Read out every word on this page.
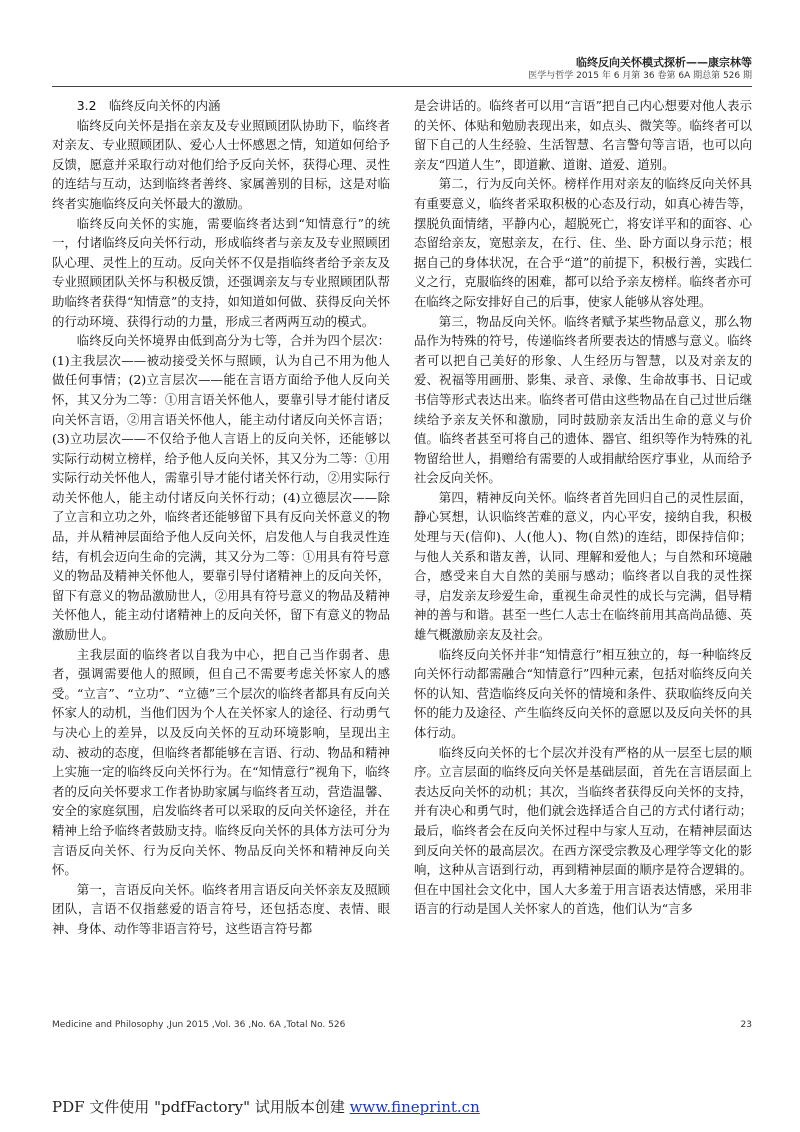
临终反向关怀模式探析——康宗林等
医学与哲学 2015 年 6 月第 36 卷第 6A 期总第 526 期

3.2　临终反向关怀的内涵

临终反向关怀是指在亲友及专业照顾团队协助下，临终者对亲友、专业照顾团队、爱心人士怀感恩之情，知道如何给予反馈，愿意并采取行动对他们给予反向关怀，获得心理、灵性的连结与互动，达到临终者善终、家属善别的目标，这是对临终者实施临终反向关怀最大的激励。

临终反向关怀的实施，需要临终者达到“知情意行”的统一，付诸临终反向关怀行动，形成临终者与亲友及专业照顾团队心理、灵性上的互动。反向关怀不仅是指临终者给予亲友及专业照顾团队关怀与积极反馈，还强调亲友与专业照顾团队帮助临终者获得“知情意”的支持，如知道如何做、获得反向关怀的行动环境、获得行动的力量，形成三者两两互动的模式。

临终反向关怀境界由低到高分为七等，合并为四个层次：(1)主我层次——被动接受关怀与照顾，认为自己不用为他人做任何事情；(2)立言层次——能在言语方面给予他人反向关怀，其又分为二等：①用言语关怀他人，要靠引导才能付诸反向关怀言语，②用言语关怀他人，能主动付诸反向关怀言语；(3)立功层次——不仅给予他人言语上的反向关怀，还能够以实际行动树立榜样，给予他人反向关怀，其又分为二等：①用实际行动关怀他人，需靠引导才能付诸关怀行动，②用实际行动关怀他人，能主动付诸反向关怀行动；(4)立德层次——除了立言和立功之外，临终者还能够留下具有反向关怀意义的物品，并从精神层面给予他人反向关怀，启发他人与自我灵性连结，有机会迈向生命的完满，其又分为二等：①用具有符号意义的物品及精神关怀他人，要靠引导付诸精神上的反向关怀，留下有意义的物品激励世人，②用具有符号意义的物品及精神关怀他人，能主动付诸精神上的反向关怀，留下有意义的物品激励世人。

主我层面的临终者以自我为中心，把自己当作弱者、患者，强调需要他人的照顾，但自己不需要考虑关怀家人的感受。“立言”、“立功”、“立德”三个层次的临终者都具有反向关怀家人的动机，当他们因为个人在关怀家人的途径、行动勇气与决心上的差异，以及反向关怀的互动环境影响，呈现出主动、被动的态度，但临终者都能够在言语、行动、物品和精神上实施一定的临终反向关怀行为。在“知情意行”视角下，临终者的反向关怀要求工作者协助家属与临终者互动，营造温馨、安全的家庭氛围，启发临终者可以采取的反向关怀途径，并在精神上给予临终者鼓励支持。临终反向关怀的具体方法可分为言语反向关怀、行为反向关怀、物品反向关怀和精神反向关怀。

第一，言语反向关怀。临终者用言语反向关怀亲友及照顾团队，言语不仅指慈爱的语言符号，还包括态度、表情、眼神、身体、动作等非语言符号，这些语言符号都

是会讲话的。临终者可以用“言语”把自己内心想要对他人表示的关怀、体贴和勉励表现出来，如点头、微笑等。临终者可以留下自己的人生经验、生活智慧、名言警句等言语，也可以向亲友“四道人生”，即道歉、道谢、道爱、道别。

第二，行为反向关怀。榜样作用对亲友的临终反向关怀具有重要意义，临终者采取积极的心态及行动，如真心祷告等，摆脱负面情绪，平静内心，超脱死亡，将安详平和的面容、心态留给亲友，宽慰亲友，在行、住、坐、卧方面以身示范；根据自己的身体状况，在合乎“道”的前提下，积极行善，实践仁义之行，克服临终的困难，都可以给予亲友榜样。临终者亦可在临终之际安排好自己的后事，使家人能够从容处理。

第三，物品反向关怀。临终者赋予某些物品意义，那么物品作为特殊的符号，传递临终者所要表达的情感与意义。临终者可以把自己美好的形象、人生经历与智慧，以及对亲友的爱、祝福等用画册、影集、录音、录像、生命故事书、日记或书信等形式表达出来。临终者可借由这些物品在自己过世后继续给予亲友关怀和激励，同时鼓励亲友活出生命的意义与价值。临终者甚至可将自己的遗体、器官、组织等作为特殊的礼物留给世人，捐赠给有需要的人或捐献给医疗事业，从而给予社会反向关怀。

第四，精神反向关怀。临终者首先回归自己的灵性层面，静心冥想，认识临终苦难的意义，内心平安，接纳自我，积极处理与天(信仰)、人(他人)、物(自然)的连结，即保持信仰；与他人关系和谐友善，认同、理解和爱他人；与自然和环境融合，感受来自大自然的美丽与感动；临终者以自我的灵性探寻，启发亲友珍爱生命，重视生命灵性的成长与完满，倡导精神的善与和谐。甚至一些仁人志士在临终前用其高尚品德、英雄气概激励亲友及社会。

临终反向关怀并非“知情意行”相互独立的，每一种临终反向关怀行动都需融合“知情意行”四种元素，包括对临终反向关怀的认知、营造临终反向关怀的情境和条件、获取临终反向关怀的能力及途径、产生临终反向关怀的意愿以及反向关怀的具体行动。

临终反向关怀的七个层次并没有严格的从一层至七层的顺序。立言层面的临终反向关怀是基础层面，首先在言语层面上表达反向关怀的动机；其次，当临终者获得反向关怀的支持，并有决心和勇气时，他们就会选择适合自己的方式付诸行动；最后，临终者会在反向关怀过程中与家人互动，在精神层面达到反向关怀的最高层次。在西方深受宗教及心理学等文化的影响，这种从言语到行动，再到精神层面的顺序是符合逻辑的。但在中国社会文化中，国人大多羞于用言语表达情感，采用非语言的行动是国人关怀家人的首选，他们认为“言多

Medicine and Philosophy ,Jun 2015 ,Vol. 36 ,No. 6A ,Total No. 526	23
PDF 文件使用 "pdfFactory" 试用版本创建 www.fineprint.cn
